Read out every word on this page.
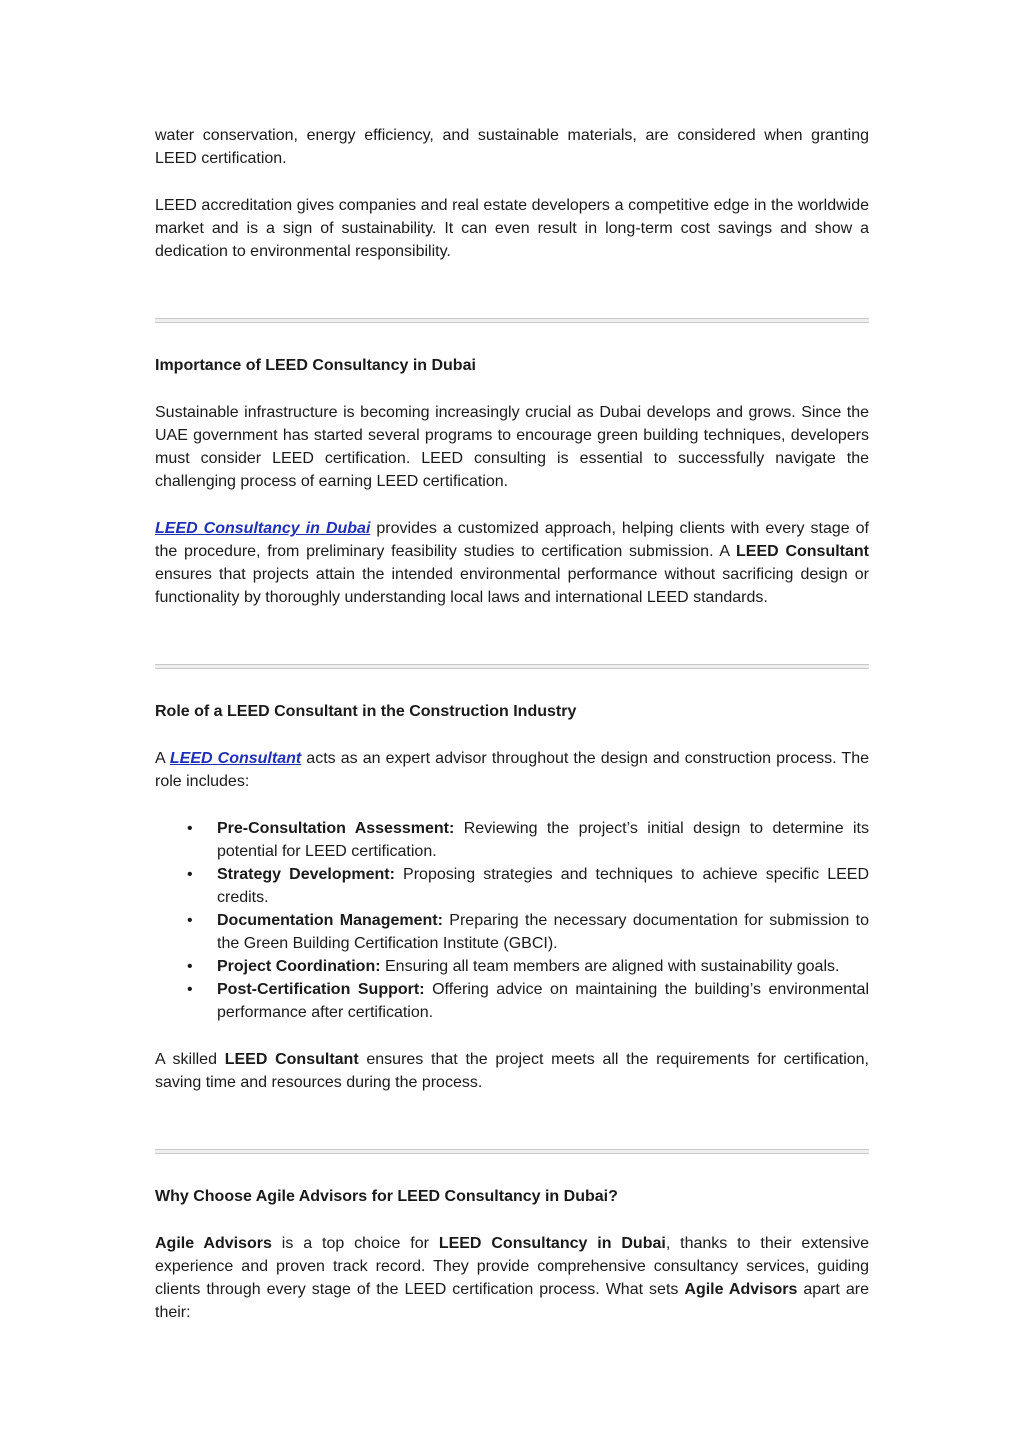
water conservation, energy efficiency, and sustainable materials, are considered when granting LEED certification.

LEED accreditation gives companies and real estate developers a competitive edge in the worldwide market and is a sign of sustainability. It can even result in long-term cost savings and show a dedication to environmental responsibility.

Importance of LEED Consultancy in Dubai

Sustainable infrastructure is becoming increasingly crucial as Dubai develops and grows. Since the UAE government has started several programs to encourage green building techniques, developers must consider LEED certification. LEED consulting is essential to successfully navigate the challenging process of earning LEED certification.

LEED Consultancy in Dubai provides a customized approach, helping clients with every stage of the procedure, from preliminary feasibility studies to certification submission. A LEED Consultant ensures that projects attain the intended environmental performance without sacrificing design or functionality by thoroughly understanding local laws and international LEED standards.

Role of a LEED Consultant in the Construction Industry

A LEED Consultant acts as an expert advisor throughout the design and construction process. The role includes:

• Pre-Consultation Assessment: Reviewing the project’s initial design to determine its potential for LEED certification.
• Strategy Development: Proposing strategies and techniques to achieve specific LEED credits.
• Documentation Management: Preparing the necessary documentation for submission to the Green Building Certification Institute (GBCI).
• Project Coordination: Ensuring all team members are aligned with sustainability goals.
• Post-Certification Support: Offering advice on maintaining the building’s environmental performance after certification.

A skilled LEED Consultant ensures that the project meets all the requirements for certification, saving time and resources during the process.

Why Choose Agile Advisors for LEED Consultancy in Dubai?

Agile Advisors is a top choice for LEED Consultancy in Dubai, thanks to their extensive experience and proven track record. They provide comprehensive consultancy services, guiding clients through every stage of the LEED certification process. What sets Agile Advisors apart are their:
